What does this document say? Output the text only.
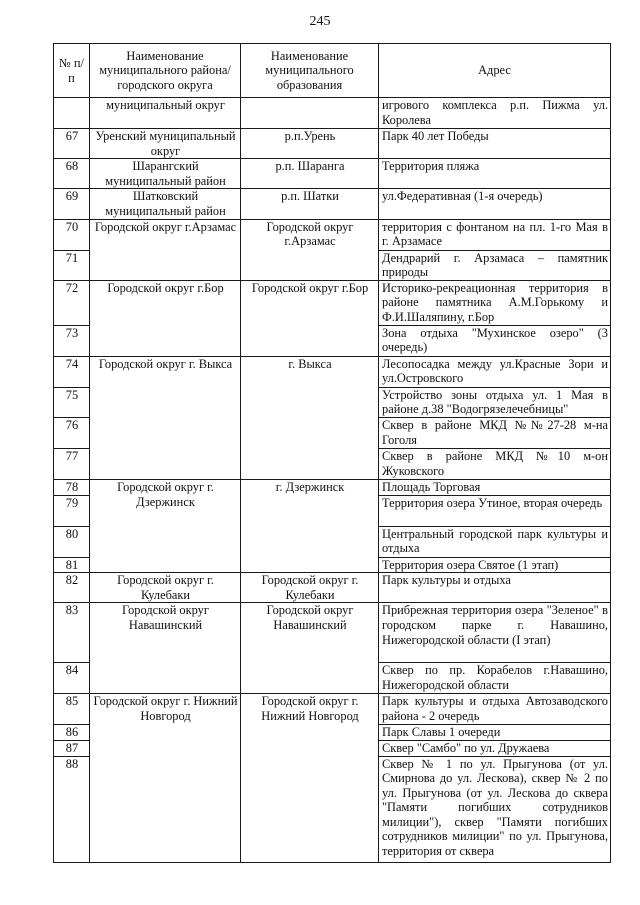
245
№ п/п	Наименование муниципального района/ городского округа	Наименование муниципального образования	Адрес
	муниципальный округ		игрового комплекса р.п. Пижма ул. Королева
67	Уренский муниципальный округ	р.п.Урень	Парк 40 лет Победы
68	Шарангский муниципальный район	р.п. Шаранга	Территория пляжа
69	Шатковский муниципальный район	р.п. Шатки	ул.Федеративная (1-я очередь)
70	Городской округ г.Арзамас	Городской округ г.Арзамас	территория с фонтаном на пл. 1-го Мая в г. Арзамасе
71			Дендрарий г. Арзамаса – памятник природы
72	Городской округ г.Бор	Городской округ г.Бор	Историко-рекреационная территория в районе памятника А.М.Горькому и Ф.И.Шаляпину, г.Бор
73			Зона отдыха "Мухинское озеро" (3 очередь)
74	Городской округ г. Выкса	г. Выкса	Лесопосадка между ул.Красные Зори и ул.Островского
75			Устройство зоны отдыха ул. 1 Мая в районе д.38 "Водогрязелечебницы"
76			Сквер в районе МКД №№27-28 м-на Гоголя
77			Сквер в районе МКД №10 м-он Жуковского
78	Городской округ г. Дзержинск	г. Дзержинск	Площадь Торговая
79			Территория озера Утиное, вторая очередь
80			Центральный городской парк культуры и отдыха
81			Территория озера Святое (1 этап)
82	Городской округ г. Кулебаки	Городской округ г. Кулебаки	Парк культуры и отдыха
83	Городской округ Навашинский	Городской округ Навашинский	Прибрежная территория озера "Зеленое" в городском парке г. Навашино, Нижегородской области (I этап)
84			Сквер по пр. Корабелов г.Навашино, Нижегородской области
85	Городской округ г. Нижний Новгород	Городской округ г. Нижний Новгород	Парк культуры и отдыха Автозаводского района - 2 очередь
86			Парк Славы 1 очереди
87			Сквер "Самбо" по ул. Дружаева
88			Сквер № 1 по ул. Прыгунова (от ул. Смирнова до ул. Лескова), сквер № 2 по ул. Прыгунова (от ул. Лескова до сквера "Памяти погибших сотрудников милиции"), сквер "Памяти погибших сотрудников милиции" по ул. Прыгунова, территория от сквера
